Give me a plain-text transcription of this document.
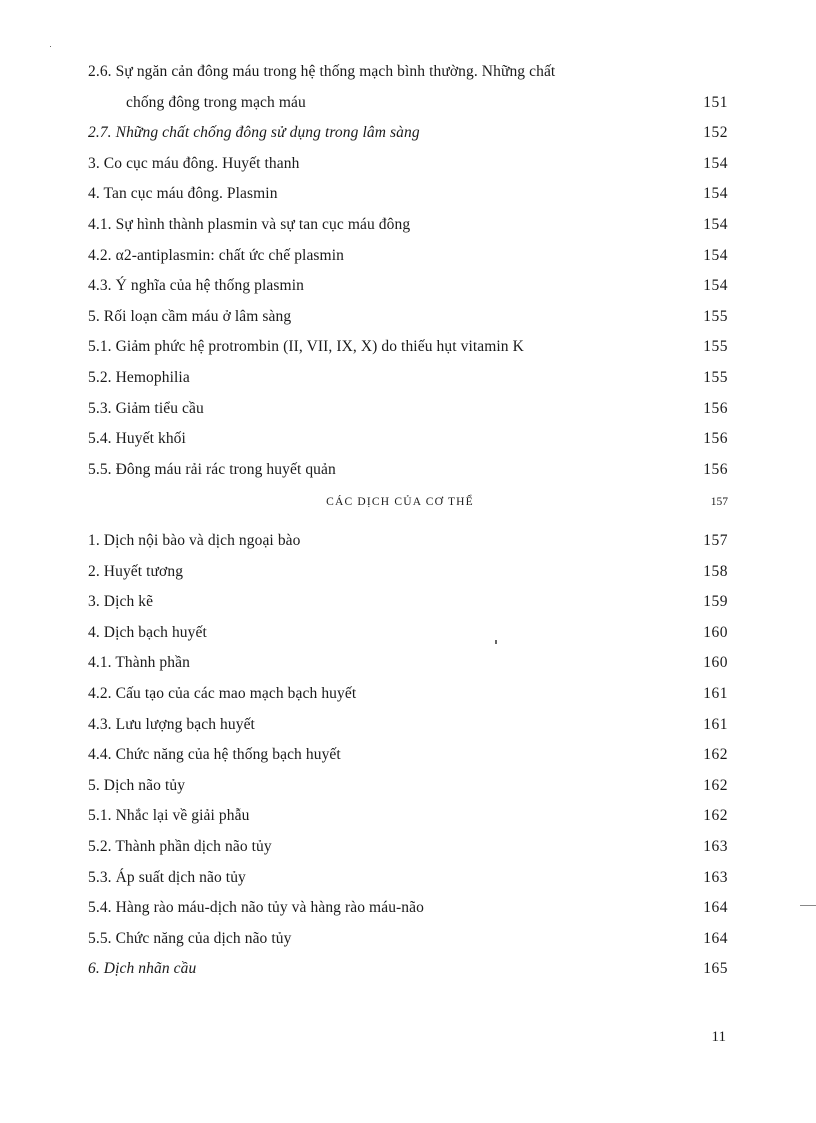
2.6. Sự ngăn cản đông máu trong hệ thống mạch bình thường. Những chất
chống đông trong mạch máu	151
2.7. Những chất chống đông sử dụng trong lâm sàng	152
3. Co cục máu đông. Huyết thanh	154
4. Tan cục máu đông. Plasmin	154
4.1. Sự hình thành plasmin và sự tan cục máu đông	154
4.2. α2-antiplasmin: chất ức chế plasmin	154
4.3. Ý nghĩa của hệ thống plasmin	154
5. Rối loạn cầm máu ở lâm sàng	155
5.1. Giảm phức hệ protrombin (II, VII, IX, X) do thiếu hụt vitamin K	155
5.2. Hemophilia	155
5.3. Giảm tiểu cầu	156
5.4. Huyết khối	156
5.5. Đông máu rải rác trong huyết quản	156
CÁC DỊCH CỦA CƠ THỂ	157
1. Dịch nội bào và dịch ngoại bào	157
2. Huyết tương	158
3. Dịch kẽ	159
4. Dịch bạch huyết	160
4.1. Thành phần	160
4.2. Cấu tạo của các mao mạch bạch huyết	161
4.3. Lưu lượng bạch huyết	161
4.4. Chức năng của hệ thống bạch huyết	162
5. Dịch não tủy	162
5.1. Nhắc lại về giải phẫu	162
5.2. Thành phần dịch não tủy	163
5.3. Áp suất dịch não tủy	163
5.4. Hàng rào máu-dịch não tủy và hàng rào máu-não	164
5.5. Chức năng của dịch não tủy	164
6. Dịch nhãn cầu	165
11
